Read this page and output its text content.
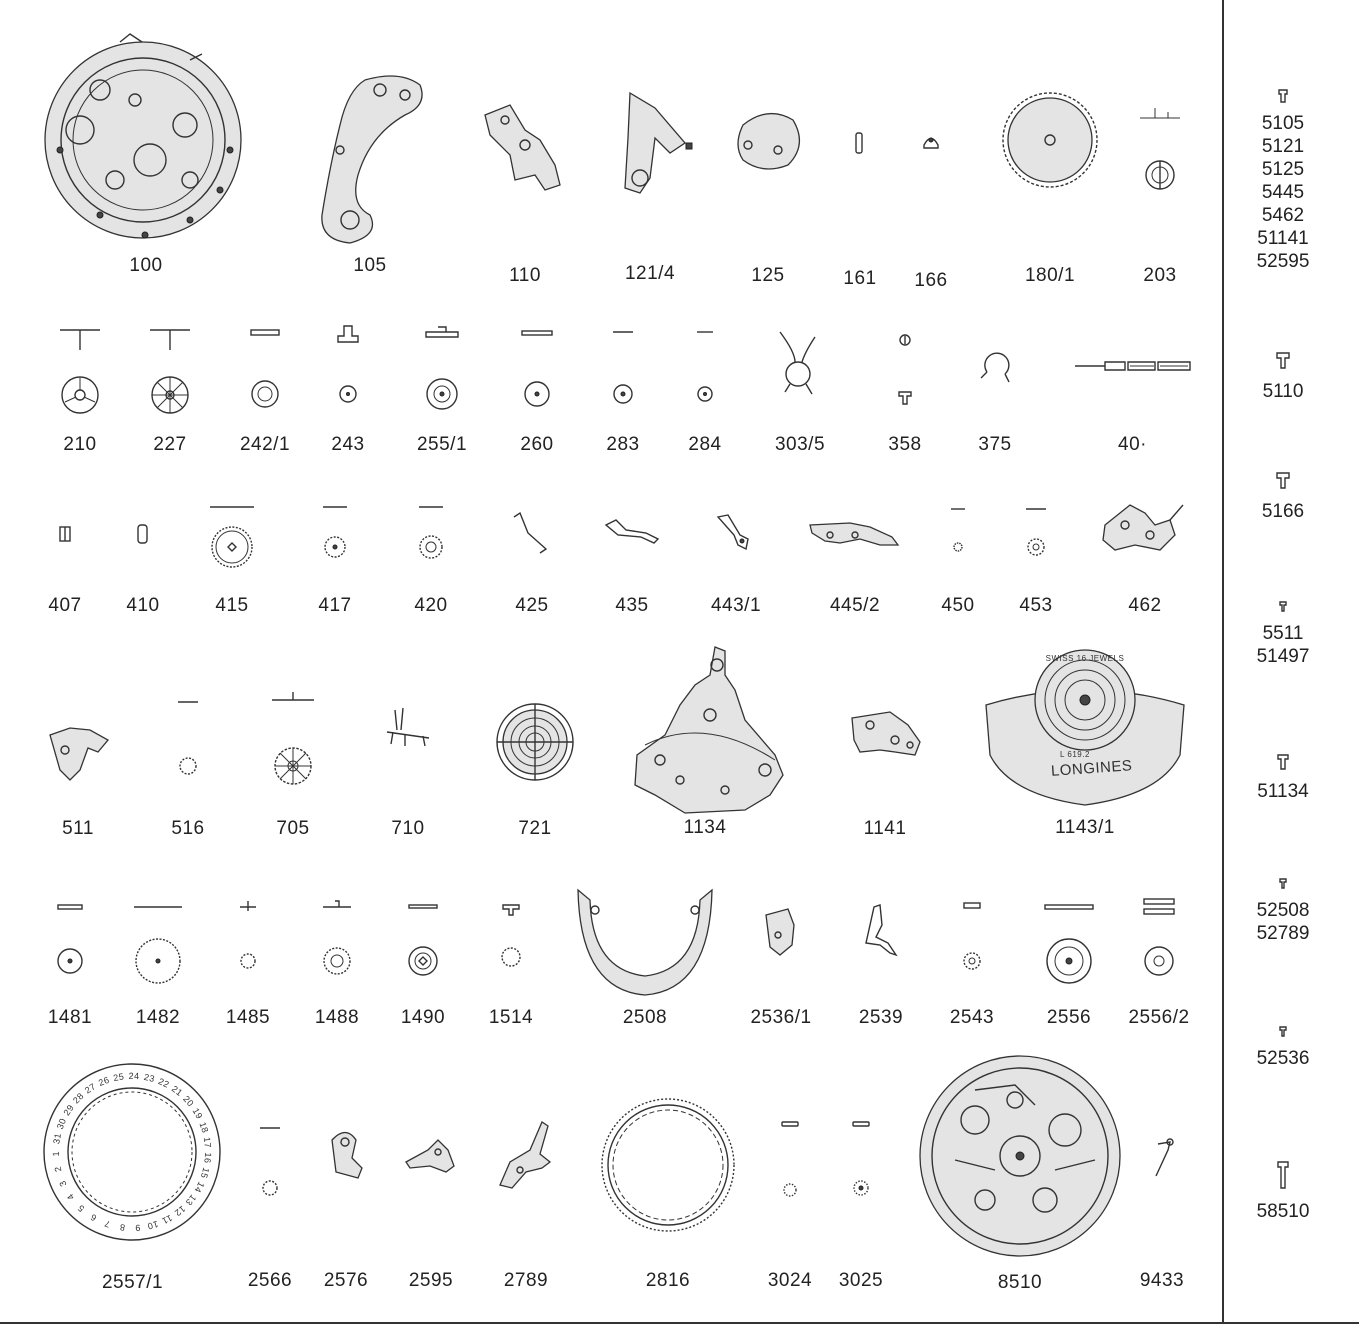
100	105	110	121/4	125	161	166	180/1	203
210	227	242/1	243	255/1	260	283	284	303/5	358	375	40·
407	410	415	417	420	425	435	443/1	445/2	450	453	462
511	516	705	710	721	1134	1141
SWISS 16 JEWELS
L 619.2
LONGINES
1143/1
1481	1482	1485	1488	1490	1514	2508	2536/1	2539	2543	2556	2556/2
25 24 23 22
21
20
19
18
17
16
15
14
13
12
11
10
9
8
7
6
5
4
3
2
1
31
30
29
28
27 26
2557/1	2566	2576	2595	2789	2816	3024	3025	8510	9433
5105
5121
5125
5445
5462
51141
52595
5110
5166
5511
51497
51134
52508
52789
52536
58510
